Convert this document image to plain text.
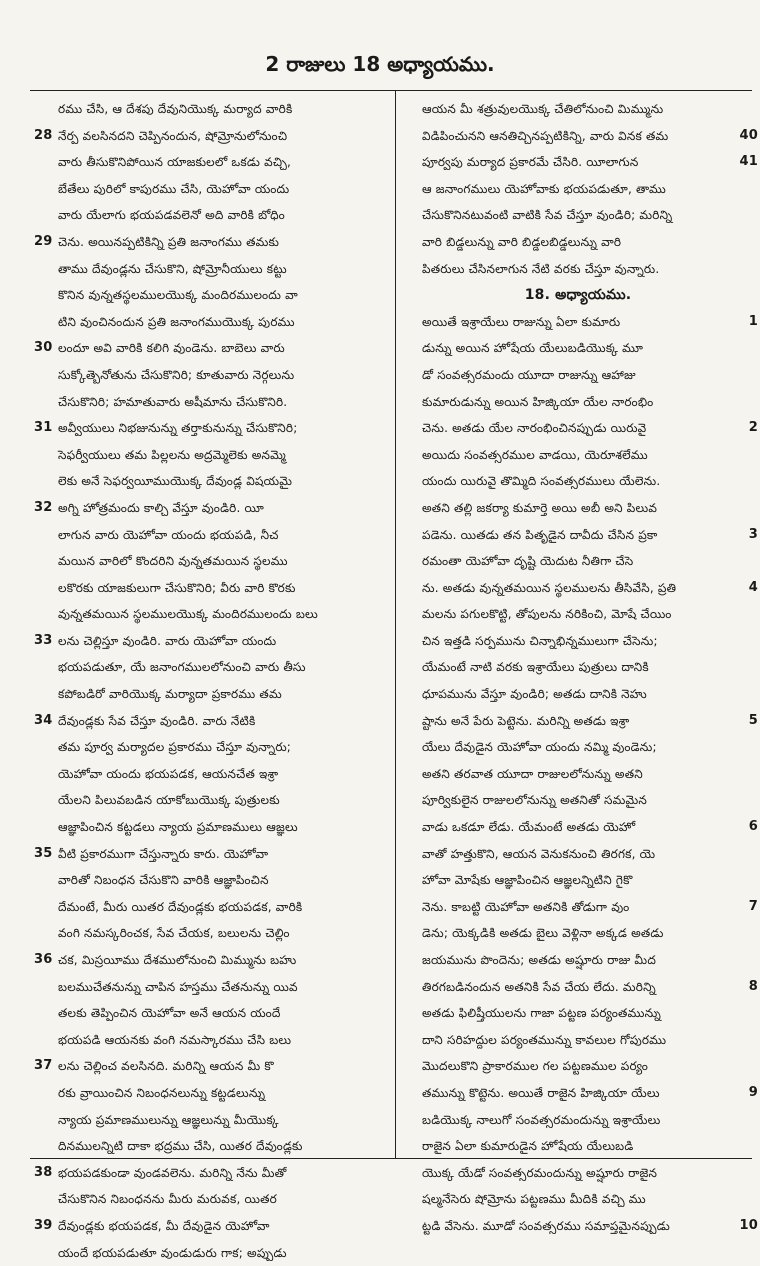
2 రాజులు 18 అధ్యాయము.
రము చేసి, ఆ దేశపు దేవునియొక్క మర్యాద వారికి
28 నేర్ప వలసినదని చెప్పినందున, షోమ్రోనులోనుంచి
వారు తీసుకొనిపోయిన యాజకులలో ఒకడు వచ్చి,
బేతేలు పురిలో కాపురము చేసి, యెహోవా యందు
వారు యేలాగు భయపడవలెనో అది వారికి బోధిం
29 చెను. అయినప్పటికిన్ని ప్రతి జనాంగము తమకు
తాము దేవుండ్లను చేసుకొని, షోమ్రోనీయులు కట్టు
కొనిన వున్నతస్థలములయొక్క మందిరములందు వా
టిని వుంచినందున ప్రతి జనాంగముయొక్క పురము
30 లందూ అవి వారికి కలిగి వుండెను. బాబెలు వారు
సుక్కోత్బెనోతును చేసుకొనిరి; కూతువారు నెర్గలును
చేసుకొనిరి; హమాతువారు అషీమాను చేసుకొనిరి.
31 అవ్వీయులు నిభజునున్ను తర్తాకునున్ను చేసుకొనిరి;
సెఫర్వీయులు తమ పిల్లలను అద్రమ్మెలెకు అనమ్మె
లెకు అనే సెఫర్వయీముయొక్క దేవుండ్ల విషయమై
32 అగ్ని హోత్రమందు కాల్చి వేస్తూ వుండిరి. యీ
లాగున వారు యెహోవా యందు భయపడి, నీచ
మయిన వారిలో కొందరిని వున్నతమయిన స్థలము
లకొరకు యాజకులుగా చేసుకొనిరి; వీరు వారి కొరకు
వున్నతమయిన స్థలములయొక్క మందిరములందు బలు
33 లను చెల్లిస్తూ వుండిరి. వారు యెహోవా యందు
భయపడుతూ, యే జనాంగములలోనుంచి వారు తీసు
కపోబడిరో వారియొక్క మర్యాదా ప్రకారము తమ
34 దేవుండ్లకు సేవ చేస్తూ వుండిరి. వారు నేటికి
తమ పూర్వ మర్యాదల ప్రకారము చేస్తూ వున్నారు;
యెహోవా యందు భయపడక, ఆయనచేత ఇశ్రా
యేలని పిలువబడిన యాకోబుయొక్క పుత్రులకు
ఆజ్ఞాపించిన కట్టడలు న్యాయ ప్రమాణములు ఆజ్ఞలు
35 వీటి ప్రకారముగా చేస్తున్నారు కారు. యెహోవా
వారితో నిబంధన చేసుకొని వారికి ఆజ్ఞాపించిన
దేమంటే, మీరు యితర దేవుండ్లకు భయపడక, వారికి
వంగి నమస్కరించక, సేవ చేయక, బలులను చెల్లిం
36 చక, మిస్రయీము దేశములోనుంచి మిమ్మును బహు
బలముచేతనున్ను చాపిన హస్తము చేతనున్ను యివ
తలకు తెప్పించిన యెహోవా అనే ఆయన యందే
భయపడి ఆయనకు వంగి నమస్కారము చేసి బలు
37 లను చెల్లించ వలసినది. మరిన్ని ఆయన మీ కొ
రకు వ్రాయించిన నిబంధనలున్ను కట్టడలున్ను
న్యాయ ప్రమాణములున్ను ఆజ్ఞలున్ను మీయొక్క
దినములన్నిటి దాకా భద్రము చేసి, యితర దేవుండ్లకు
38 భయపడకుండా వుండవలెను. మరిన్ని నేను మీతో
చేసుకొనిన నిబంధనను మీరు మరువక, యితర
39 దేవుండ్లకు భయపడక, మీ దేవుడైన యెహోవా
యందే భయపడుతూ వుండుడురు గాక; అప్పుడు
ఆయన మీ శత్రువులయొక్క చేతిలోనుంచి మిమ్మును
40
విడిపించునని ఆనతిచ్చినప్పటికిన్ని, వారు వినక తమ
41
పూర్వపు మర్యాద ప్రకారమే చేసిరి. యీలాగున
ఆ జనాంగములు యెహోవాకు భయపడుతూ, తాము
చేసుకొనినటువంటి వాటికి సేవ చేస్తూ వుండిరి; మరిన్ని
వారి బిడ్డలున్ను వారి బిడ్డలబిడ్డలున్ను వారి
పితరులు చేసినలాగున నేటి వరకు చేస్తూ వున్నారు.
18. అధ్యాయము.
1
అయితే ఇశ్రాయేలు రాజున్ను ఏలా కుమారు
డున్ను అయిన హోషేయ యేలుబడియొక్క మూ
డో సంవత్సరమందు యూదా రాజున్ను ఆహాజు
కుమారుడున్ను అయిన హిజ్కియా యేల నారంభిం
2
చెను. అతడు యేల నారంభించినప్పుడు యిరువై
అయిదు సంవత్సరముల వాడయి, యెరూశలేము
యందు యిరువై తొమ్మిది సంవత్సరములు యేలెను.
అతని తల్లి జకర్యా కుమార్తె అయి అబీ అని పిలువ
3
పడెను. యితడు తన పితృడైన దావీదు చేసిన ప్రకా
రమంతా యెహోవా దృష్టి యెదుట నీతిగా చేసె
4
ను. అతడు వున్నతమయిన స్థలములను తీసివేసి, ప్రతి
మలను పగులకొట్టి, తోపులను నరికించి, మోషే చేయిం
చిన ఇత్తడి సర్పమును చిన్నాభిన్నములుగా చేసెను;
యేమంటే నాటి వరకు ఇశ్రాయేలు పుత్రులు దానికి
ధూపమును వేస్తూ వుండిరి; అతడు దానికి నెహు
5
ష్టాను అనే పేరు పెట్టెను. మరిన్ని అతడు ఇశ్రా
యేలు దేవుడైన యెహోవా యందు నమ్మి వుండెను;
అతని తరవాత యూదా రాజులలోనున్ను అతని
పూర్వికులైన రాజులలోనున్ను అతనితో సమమైన
6
వాడు ఒకడూ లేడు. యేమంటే అతడు యెహో
వాతో హత్తుకొని, ఆయన వెనుకనుంచి తిరగక, యె
హోవా మోషేకు ఆజ్ఞాపించిన ఆజ్ఞలన్నిటిని గైకొ
7
నెను. కాబట్టి యెహోవా అతనికి తోడుగా వుం
డెను; యెక్కడికి అతడు బైలు వెళ్లినా అక్కడ అతడు
జయమును పొందెను; అతడు అష్షూరు రాజు మీద
8
తిరగబడినందున అతనికి సేవ చేయ లేదు. మరిన్ని
అతడు ఫిలిష్తీయులను గాజా పట్టణ పర్యంతమున్ను
దాని సరిహద్దుల పర్యంతమున్ను కావలుల గోపురము
మొదలుకొని ప్రాకారముల గల పట్టణముల పర్యం
9
తమున్ను కొట్టెను. అయితే రాజైన హిజ్కియా యేలు
బడియొక్క నాలుగో సంవత్సరమందున్ను ఇశ్రాయేలు
రాజైన ఏలా కుమారుడైన హోషేయ యేలుబడి
యొక్క యేడో సంవత్సరమందున్ను అష్షూరు రాజైన
షల్మనేసెరు షోమ్రోను పట్టణము మీదికి వచ్చి ము
10
ట్టడి వేసెను. మూడో సంవత్సరము సమాప్తమైనప్పుడు
